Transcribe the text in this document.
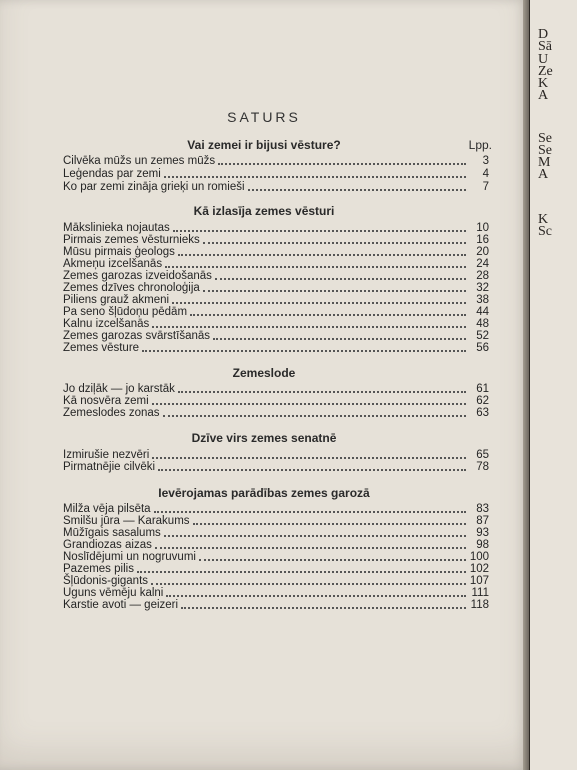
SATURS
Lpp.
Vai zemei ir bijusi vēsture?
Cilvēka mūžs un zemes mūžs	3
Leģendas par zemi	4
Ko par zemi zināja grieķi un romieši	7
Kā izlasīja zemes vēsturi
Mākslinieka nojautas	10
Pirmais zemes vēsturnieks	16
Mūsu pirmais ģeologs	20
Akmeņu izcelšanās	24
Zemes garozas izveidošanās	28
Zemes dzīves chronoloģija	32
Piliens grauž akmeni	38
Pa seno šļūdoņu pēdām	44
Kalnu izcelšanās	48
Zemes garozas svārstīšanās	52
Zemes vēsture	56
Zemeslode
Jo dziļāk — jo karstāk	61
Kā nosvēra zemi	62
Zemeslodes zonas	63
Dzīve virs zemes senatnē
Izmirušie nezvēri	65
Pirmatnējie cilvēki	78
Ievērojamas parādības zemes garozā
Milža vēja pilsēta	83
Smilšu jūra — Karakums	87
Mūžīgais sasalums	93
Grandiozas aizas	98
Noslīdējumi un nogruvumi	100
Pazemes pilis	102
Šļūdonis-gigants	107
Uguns vēmēju kalni	111
Karstie avoti — geizeri	118
D
Sā
U
Ze
K
A
Se
Se
M
A
K
Sc
